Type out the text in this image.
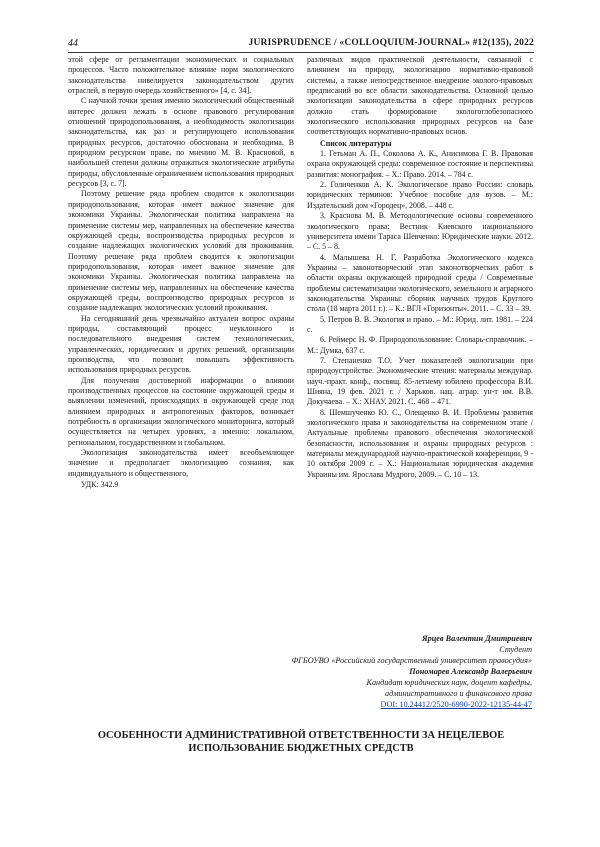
44	JURISPRUDENCE / «COLLOQUIUM-JOURNAL» #12(135), 2022

этой сфере от регламентации экономических и социальных процессов. Часто положительное влияние норм экологического законодательства нивелируется законодательством других отраслей, в первую очередь хозяйственного» [4, с. 34].

С научной точки зрения именно экологический общественный интерес должен лежать в основе правового регулирования отношений природопользования, а необходимость экологизации законодательства, как раз и регулирующего использования природных ресурсов, достаточно обоснована и необходима. В природном ресурсном праве, по мнению М. В. Красновой, в наибольшей степени должны отражаться экологические атрибуты природы, обусловленные ограничением использования природных ресурсов [3, с. 7].

Поэтому решение ряда проблем сводится к экологизации природопользования, которая имеет важное значение для экономики Украины. Экологическая политика направлена на применение системы мер, направленных на обеспечение качества окружающей среды, воспроизводства природных ресурсов и создание надлежащих экологических условий для проживания. Поэтому решение ряда проблем сводится к экологизации природопользования, которая имеет важное значение для экономики Украины. Экологическая политика направлена на применение системы мер, направленных на обеспечение качества окружающей среды, воспроизводство природных ресурсов и создание надлежащих экологических условий проживания.

На сегодняшний день чрезвычайно актуален вопрос охраны природы, составляющий процесс неуклонного и последовательного внедрения систем технологических, управленческих, юридических и других решений, организации производства, что позволит повышать эффективность использования природных ресурсов.

Для получения достоверной информации о влиянии производственных процессов на состояние окружающей среды и выявлении изменений, происходящих в окружающей среде под влиянием природных и антропогенных факторов, возникает потребность в организации экологического мониторинга, который осуществляется на четырех уровнях, а именно: локальном, региональном, государственном и глобальном.

Экологизация законодательства имеет всеобъемлющее значение и предполагает экологизацию сознания, как индивидуального и общественного,

УДК: 342.9

различных видов практической деятельности, связанной с влиянием на природу, экологизацию нормативно-правовой системы, а также непосредственное внедрение эколого-правовых предписаний во все области законодательства. Основной целью экологизации законодательства в сфере природных ресурсов должно стать формирование экологоглобезопасного экологического использования природных ресурсов на базе соответствующих нормативно-правовых основ.

Список литературы

1. Гетьман А. П., Соколова А. К., Анисимова Г. В. Правовая охрана окружающей среды: современное состояние и перспективы развития: монография. – Х.: Право. 2014. – 784 с.

2. Голиченков А. К. Экологическое право России: словарь юридических терминов: Учебное пособие для вузов. – М.: Издательский дом «Городец», 2008. – 448 с.

3. Краснова М. В. Методологические основы современного экологического права: Вестник Киевского национального университета имени Тараса Шевченко: Юридические науки. 2012. – С. 5 – 8.

4. Малышева Н. Г. Разработка Экологического кодекса Украины – законотворческий этап законотворческих работ в области охраны окружающей природной среды / Современные проблемы систематизации экологического, земельного и аграрного законодательства Украины: сборник научных трудов Круглого стола (18 марта 2011 г.). – К.: ВГЛ «Горизонты». 2011. – С. 33 – 39.

5. Петров В. В. Экология и право. – М.: Юрид. лит. 1981. – 224 с.

6. Реймерс Н. Ф. Природопользование: Словарь-справочник. – М.: Думка, 637 с.

7. Степаненко Т.О. Учет показателей экологизации при природоустройстве. Экономические чтения: материалы междунар. науч.-практ. конф., посвящ. 85-летнему юбилею профессора В.И. Шияна, 19 фев. 2021 г. / Харьков. нац. аграр. ун-т им. В.В. Докучаева. – Х.: ХНАУ. 2021. С. 468 – 471.

8. Шемшученко Ю. С., Олещенко В. И. Проблемы развития экологического права и законодательства на современном этапе / Актуальные проблемы правового обеспечения экологической безопасности, использования и охраны природных ресурсов : материалы международной научно-практической конференции, 9 - 10 октября 2009 г. – Х.: Национальная юридическая академия Украины им. Ярослава Мудрого, 2009. – С. 10 – 13.

Ярцев Валентин Дмитриевич
Студент
ФГБОУВО «Российский государственный университет правосудия»
Пономарев Александр Валерьевич
Кандидат юридических наук, доцент кафедры,
административного и финансового права
DOI: 10.24412/2520-6990-2022-12135-44-47
ОСОБЕННОСТИ АДМИНИСТРАТИВНОЙ ОТВЕТСТВЕННОСТИ ЗА НЕЦЕЛЕВОЕ
ИСПОЛЬЗОВАНИЕ БЮДЖЕТНЫХ СРЕДСТВ
